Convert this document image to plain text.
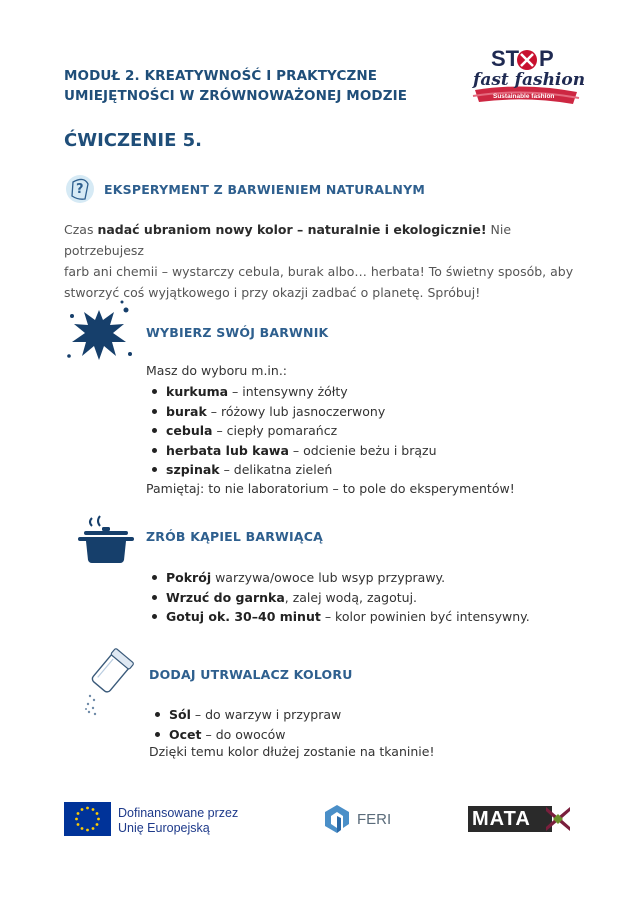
MODUŁ 2. KREATYWNOŚĆ I PRAKTYCZNE
UMIEJĘTNOŚCI W ZRÓWNOWAŻONEJ MODZIE
ST P
fast fashion
Sustainable fashion
ĆWICZENIE 5.
? EKSPERYMENT Z BARWIENIEM NATURALNYM
Czas nadać ubraniom nowy kolor – naturalnie i ekologicznie! Nie potrzebujesz
farb ani chemii – wystarczy cebula, burak albo… herbata! To świetny sposób, aby
stworzyć coś wyjątkowego i przy okazji zadbać o planetę. Spróbuj!
WYBIERZ SWÓJ BARWNIK
Masz do wyboru m.in.:
kurkuma – intensywny żółty
burak – różowy lub jasnoczerwony
cebula – ciepły pomarańcz
herbata lub kawa – odcienie beżu i brązu
szpinak – delikatna zieleń
Pamiętaj: to nie laboratorium – to pole do eksperymentów!
ZRÓB KĄPIEL BARWIĄCĄ
Pokrój warzywa/owoce lub wsyp przyprawy.
Wrzuć do garnka, zalej wodą, zagotuj.
Gotuj ok. 30–40 minut – kolor powinien być intensywny.
DODAJ UTRWALACZ KOLORU
Sól – do warzyw i przypraw
Ocet – do owoców
Dzięki temu kolor dłużej zostanie na tkaninie!
Dofinansowane przez
Unię Europejską	FERI	MATA
